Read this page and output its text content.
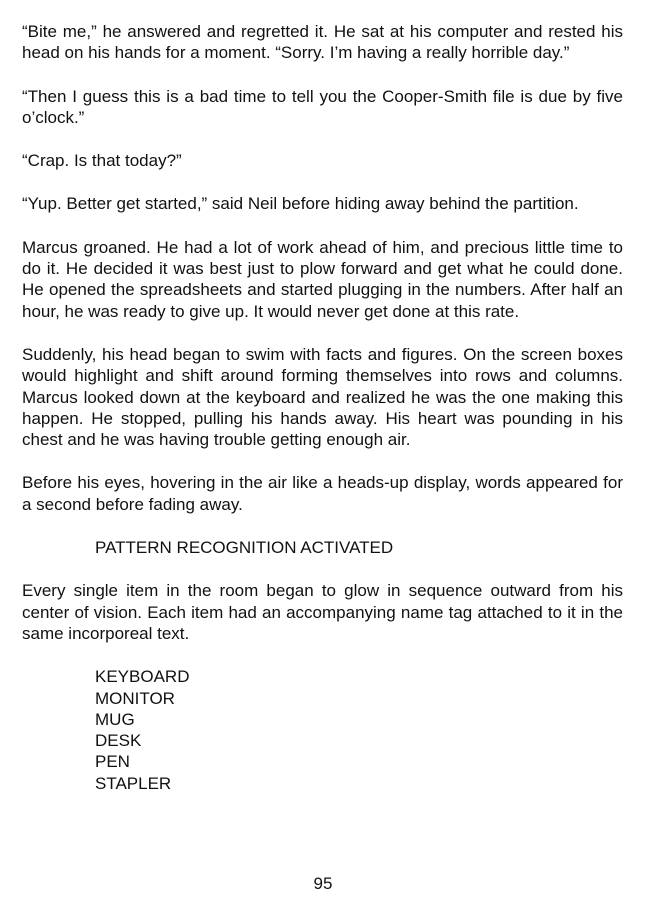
“Bite me,” he answered and regretted it. He sat at his computer and rested his head on his hands for a moment. “Sorry. I’m having a really horrible day.”

“Then I guess this is a bad time to tell you the Cooper-Smith file is due by five o’clock.”

“Crap. Is that today?”

“Yup. Better get started,” said Neil before hiding away behind the partition.

Marcus groaned. He had a lot of work ahead of him, and precious little time to do it. He decided it was best just to plow forward and get what he could done. He opened the spreadsheets and started plugging in the numbers. After half an hour, he was ready to give up. It would never get done at this rate.

Suddenly, his head began to swim with facts and figures. On the screen boxes would highlight and shift around forming themselves into rows and columns. Marcus looked down at the keyboard and realized he was the one making this happen. He stopped, pulling his hands away. His heart was pounding in his chest and he was having trouble getting enough air.

Before his eyes, hovering in the air like a heads-up display, words appeared for a second before fading away.

PATTERN RECOGNITION ACTIVATED

Every single item in the room began to glow in sequence outward from his center of vision. Each item had an accompanying name tag attached to it in the same incorporeal text.

KEYBOARD
MONITOR
MUG
DESK
PEN
STAPLER
95
